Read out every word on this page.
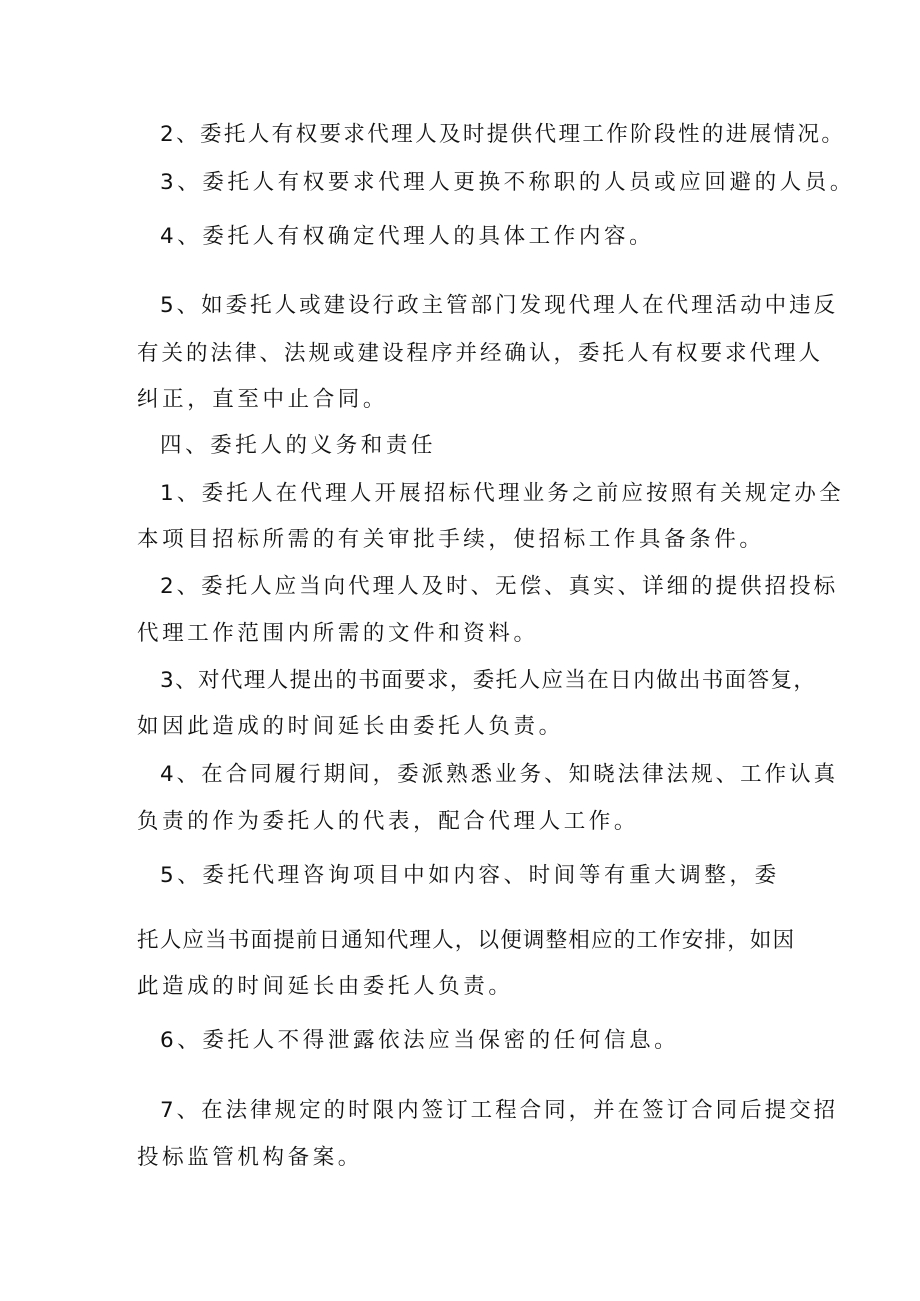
2、委托人有权要求代理人及时提供代理工作阶段性的进展情况。
3、委托人有权要求代理人更换不称职的人员或应回避的人员。
4、委托人有权确定代理人的具体工作内容。
5、如委托人或建设行政主管部门发现代理人在代理活动中违反
有关的法律、法规或建设程序并经确认，委托人有权要求代理人
纠正，直至中止合同。
四、委托人的义务和责任
1、委托人在代理人开展招标代理业务之前应按照有关规定办全
本项目招标所需的有关审批手续，使招标工作具备条件。
2、委托人应当向代理人及时、无偿、真实、详细的提供招投标
代理工作范围内所需的文件和资料。
3、对代理人提出的书面要求，委托人应当在日内做出书面答复，
如因此造成的时间延长由委托人负责。
4、在合同履行期间，委派熟悉业务、知晓法律法规、工作认真
负责的作为委托人的代表，配合代理人工作。
5、委托代理咨询项目中如内容、时间等有重大调整，委
托人应当书面提前日通知代理人，以便调整相应的工作安排，如因
此造成的时间延长由委托人负责。
6、委托人不得泄露依法应当保密的任何信息。
7、在法律规定的时限内签订工程合同，并在签订合同后提交招
投标监管机构备案。
